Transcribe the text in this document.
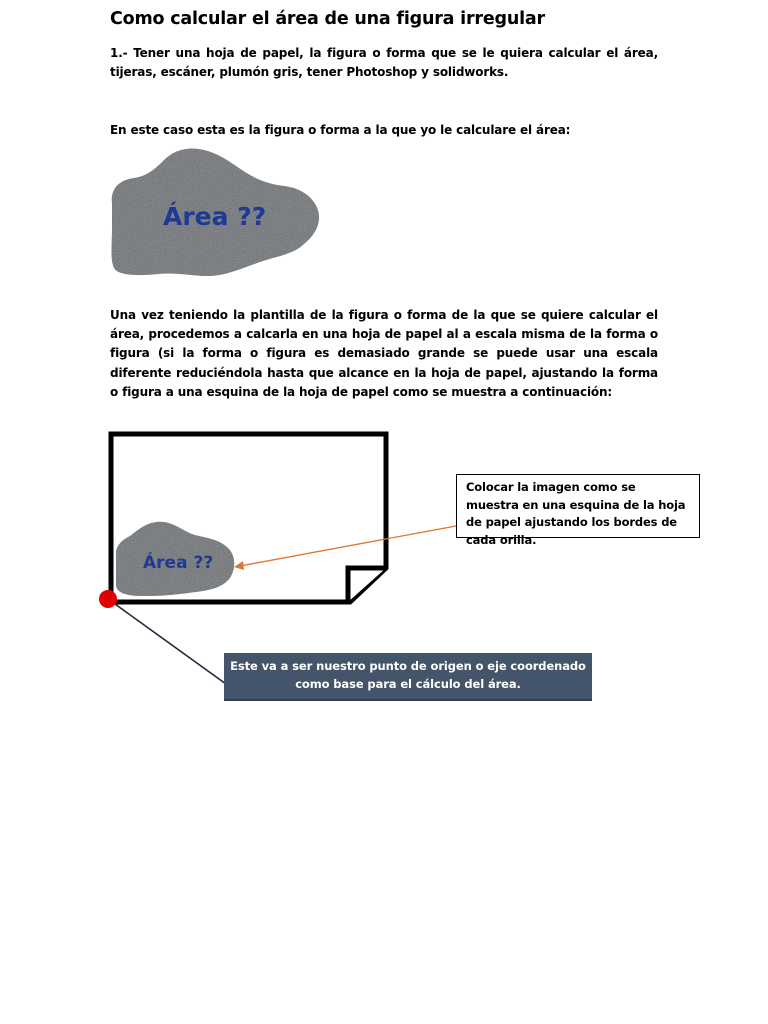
Como calcular el área de una figura irregular
1.- Tener una hoja de papel, la figura o forma que se le quiera calcular el área, tijeras, escáner, plumón gris, tener Photoshop y solidworks.
En este caso esta es la figura o forma a la que yo le calculare el área:
Área ??
Una vez teniendo la plantilla de la figura o forma de la que se quiere calcular el área, procedemos a calcarla en una hoja de papel al a escala misma de la forma o figura (si la forma o figura es demasiado grande se puede usar una escala diferente reduciéndola hasta que alcance en la hoja de papel, ajustando la forma o figura a una esquina de la hoja de papel como se muestra a continuación:
Área ??
Colocar la imagen como se muestra en una esquina de la hoja de papel ajustando los bordes de cada orilla.
Este va a ser nuestro punto de origen o eje coordenado como base para el cálculo del área.
